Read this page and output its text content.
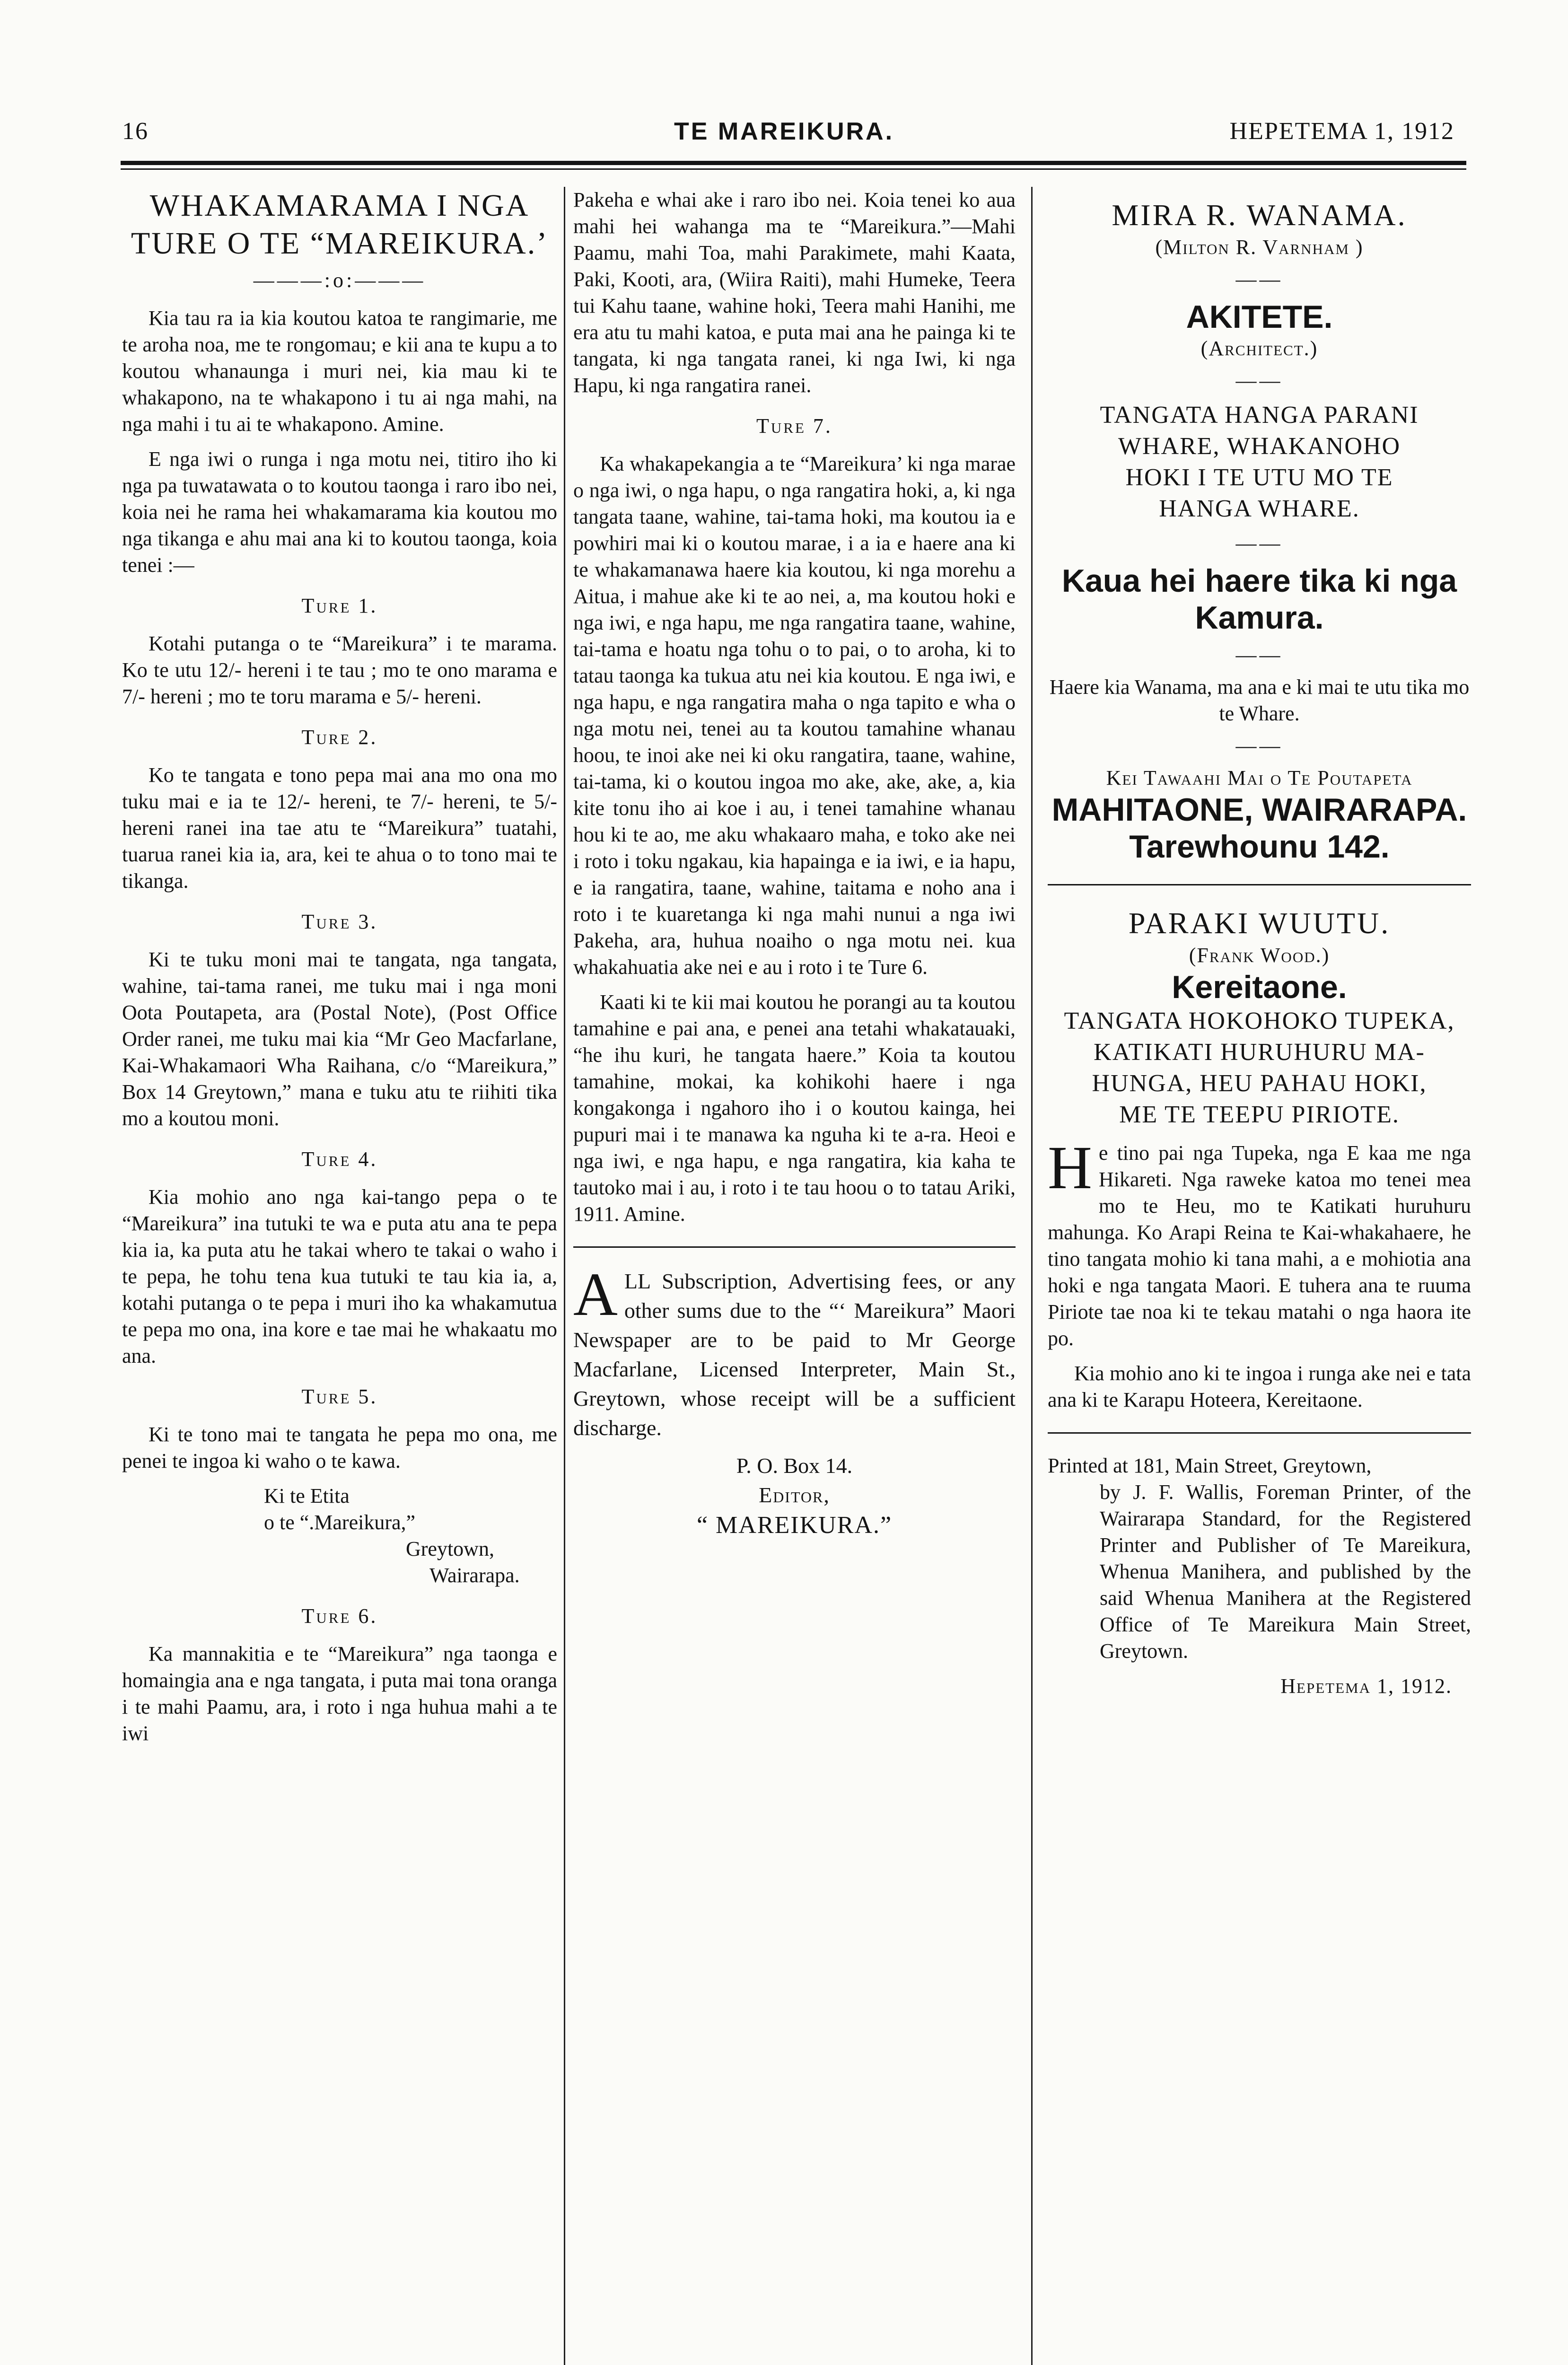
16	TE MAREIKURA.	HEPETEMA 1, 1912

WHAKAMARAMA I NGA

TURE O TE “MAREIKURA.’

———:o:———

Kia tau ra ia kia koutou katoa te rangimarie, me te aroha noa, me te rongomau; e kii ana te kupu a to koutou whanaunga i muri nei, kia mau ki te whakapono, na te whakapono i tu ai nga mahi, na nga mahi i tu ai te whakapono. Amine.

E nga iwi o runga i nga motu nei, titiro iho ki nga pa tuwatawata o to koutou taonga i raro ibo nei, koia nei he rama hei whakamarama kia koutou mo nga tikanga e ahu mai ana ki to koutou taonga, koia tenei :—

Ture 1.

Kotahi putanga o te “Mareikura” i te marama. Ko te utu 12/- hereni i te tau ; mo te ono marama e 7/- hereni ; mo te toru marama e 5/- hereni.

Ture 2.

Ko te tangata e tono pepa mai ana mo ona mo tuku mai e ia te 12/- hereni, te 7/- hereni, te 5/- hereni ranei ina tae atu te “Mareikura” tuatahi, tuarua ranei kia ia, ara, kei te ahua o to tono mai te tikanga.

Ture 3.

Ki te tuku moni mai te tangata, nga tangata, wahine, tai-tama ranei, me tuku mai i nga moni Oota Poutapeta, ara (Postal Note), (Post Office Order ranei, me tuku mai kia “Mr Geo Macfarlane, Kai-Whakamaori Wha Raihana, c/o “Mareikura,” Box 14 Greytown,” mana e tuku atu te riihiti tika mo a koutou moni.

Ture 4.

Kia mohio ano nga kai-tango pepa o te “Mareikura” ina tutuki te wa e puta atu ana te pepa kia ia, ka puta atu he takai whero te takai o waho i te pepa, he tohu tena kua tutuki te tau kia ia, a, kotahi putanga o te pepa i muri iho ka whakamutua te pepa mo ona, ina kore e tae mai he whakaatu mo ana.

Ture 5.

Ki te tono mai te tangata he pepa mo ona, me penei te ingoa ki waho o te kawa.

Ki te Etita

o te “.Mareikura,”

Greytown,

Wairarapa.

Ture 6.

Ka mannakitia e te “Mareikura” nga taonga e homaingia ana e nga tangata, i puta mai tona oranga i te mahi Paamu, ara, i roto i nga huhua mahi a te iwi

Pakeha e whai ake i raro ibo nei. Koia tenei ko aua mahi hei wahanga ma te “Mareikura.”—Mahi Paamu, mahi Toa, mahi Parakimete, mahi Kaata, Paki, Kooti, ara, (Wiira Raiti), mahi Humeke, Teera tui Kahu taane, wahine hoki, Teera mahi Hanihi, me era atu tu mahi katoa, e puta mai ana he painga ki te tangata, ki nga tangata ranei, ki nga Iwi, ki nga Hapu, ki nga rangatira ranei.

Ture 7.

Ka whakapekangia a te “Mareikura’ ki nga marae o nga iwi, o nga hapu, o nga rangatira hoki, a, ki nga tangata taane, wahine, tai-tama hoki, ma koutou ia e powhiri mai ki o koutou marae, i a ia e haere ana ki te whakamanawa haere kia koutou, ki nga morehu a Aitua, i mahue ake ki te ao nei, a, ma koutou hoki e nga iwi, e nga hapu, me nga rangatira taane, wahine, tai-tama e hoatu nga tohu o to pai, o to aroha, ki to tatau taonga ka tukua atu nei kia koutou. E nga iwi, e nga hapu, e nga rangatira maha o nga tapito e wha o nga motu nei, tenei au ta koutou tamahine whanau hoou, te inoi ake nei ki oku rangatira, taane, wahine, tai-tama, ki o koutou ingoa mo ake, ake, ake, a, kia kite tonu iho ai koe i au, i tenei tamahine whanau hou ki te ao, me aku whakaaro maha, e toko ake nei i roto i toku ngakau, kia hapainga e ia iwi, e ia hapu, e ia rangatira, taane, wahine, taitama e noho ana i roto i te kuaretanga ki nga mahi nunui a nga iwi Pakeha, ara, huhua noaiho o nga motu nei. kua whakahuatia ake nei e au i roto i te Ture 6.

Kaati ki te kii mai koutou he porangi au ta koutou tamahine e pai ana, e penei ana tetahi whakatauaki, “he ihu kuri, he tangata haere.” Koia ta koutou tamahine, mokai, ka kohikohi haere i nga kongakonga i ngahoro iho i o koutou kainga, hei pupuri mai i te manawa ka nguha ki te a-ra. Heoi e nga iwi, e nga hapu, e nga rangatira, kia kaha te tautoko mai i au, i roto i te tau hoou o to tatau Ariki, 1911. Amine.

A LL Subscription, Advertising fees, or any other sums due to the “‘ Mareikura” Maori Newspaper are to be paid to Mr George Macfarlane, Licensed Interpreter, Main St., Greytown, whose receipt will be a sufficient discharge.

P. O. Box 14.

Editor,

“ MAREIKURA.”

MIRA R. WANAMA.

(Milton R. Varnham )

——

AKITETE.

(Architect.)

——

TANGATA HANGA PARANI

WHARE, WHAKANOHO

HOKI I TE UTU MO TE

HANGA WHARE.

——

Kaua hei haere tika ki nga Kamura.

——

Haere kia Wanama, ma ana e ki mai te utu tika mo te Whare.

——

Kei Tawaahi Mai o Te Poutapeta

MAHITAONE, WAIRARAPA.

Tarewhounu 142.

PARAKI WUUTU.

(Frank Wood.)

Kereitaone.

TANGATA HOKOHOKO TUPEKA,

KATIKATI HURUHURU MA-

HUNGA, HEU PAHAU HOKI,

ME TE TEEPU PIRIOTE.

H e tino pai nga Tupeka, nga E kaa me nga Hikareti. Nga raweke katoa mo tenei mea mo te Heu, mo te Katikati huruhuru mahunga. Ko Arapi Reina te Kai-whakahaere, he tino tangata mohio ki tana mahi, a e mohiotia ana hoki e nga tangata Maori. E tuhera ana te ruuma Piriote tae noa ki te tekau matahi o nga haora ite po.

Kia mohio ano ki te ingoa i runga ake nei e tata ana ki te Karapu Hoteera, Kereitaone.

Printed at 181, Main Street, Greytown,

by J. F. Wallis, Foreman Printer, of the Wairarapa Standard, for the Registered Printer and Publisher of Te Mareikura, Whenua Manihera, and published by the said Whenua Manihera at the Registered Office of Te Mareikura Main Street, Greytown.

Hepetema 1, 1912.
